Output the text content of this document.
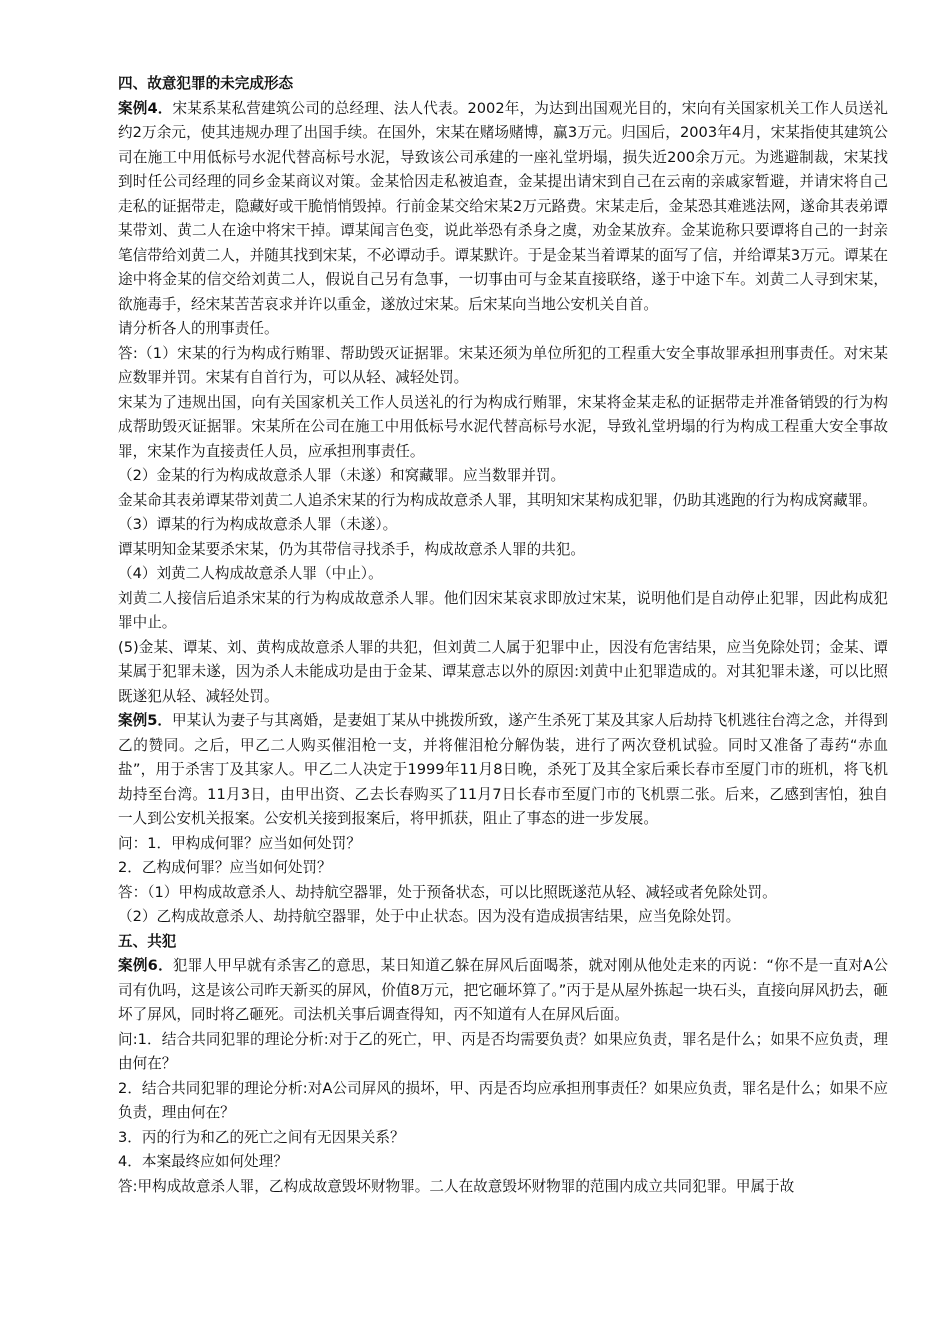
四、故意犯罪的未完成形态

案例4．宋某系某私营建筑公司的总经理、法人代表。2002年，为达到出国观光目的，宋向有关国家机关工作人员送礼约2万余元，使其违规办理了出国手续。在国外，宋某在赌场赌博，赢3万元。归国后，2003年4月，宋某指使其建筑公司在施工中用低标号水泥代替高标号水泥，导致该公司承建的一座礼堂坍塌，损失近200余万元。为逃避制裁，宋某找到时任公司经理的同乡金某商议对策。金某恰因走私被追查，金某提出请宋到自己在云南的亲戚家暂避，并请宋将自己走私的证据带走，隐藏好或干脆悄悄毁掉。行前金某交给宋某2万元路费。宋某走后，金某恐其难逃法网，遂命其表弟谭某带刘、黄二人在途中将宋干掉。谭某闻言色变，说此举恐有杀身之虞，劝金某放弃。金某诡称只要谭将自己的一封亲笔信带给刘黄二人，并随其找到宋某，不必谭动手。谭某默许。于是金某当着谭某的面写了信，并给谭某3万元。谭某在途中将金某的信交给刘黄二人，假说自己另有急事，一切事由可与金某直接联络，遂于中途下车。刘黄二人寻到宋某，欲施毒手，经宋某苦苦哀求并许以重金，遂放过宋某。后宋某向当地公安机关自首。

请分析各人的刑事责任。

答:（1）宋某的行为构成行贿罪、帮助毁灭证据罪。宋某还须为单位所犯的工程重大安全事故罪承担刑事责任。对宋某应数罪并罚。宋某有自首行为，可以从轻、减轻处罚。

宋某为了违规出国，向有关国家机关工作人员送礼的行为构成行贿罪，宋某将金某走私的证据带走并准备销毁的行为构成帮助毁灭证据罪。宋某所在公司在施工中用低标号水泥代替高标号水泥，导致礼堂坍塌的行为构成工程重大安全事故罪，宋某作为直接责任人员，应承担刑事责任。

（2）金某的行为构成故意杀人罪（未遂）和窝藏罪。应当数罪并罚。

金某命其表弟谭某带刘黄二人追杀宋某的行为构成故意杀人罪，其明知宋某构成犯罪，仍助其逃跑的行为构成窝藏罪。

（3）谭某的行为构成故意杀人罪（未遂）。

谭某明知金某要杀宋某，仍为其带信寻找杀手，构成故意杀人罪的共犯。

（4）刘黄二人构成故意杀人罪（中止）。

刘黄二人接信后追杀宋某的行为构成故意杀人罪。他们因宋某哀求即放过宋某，说明他们是自动停止犯罪，因此构成犯罪中止。

(5)金某、谭某、刘、黄构成故意杀人罪的共犯，但刘黄二人属于犯罪中止，因没有危害结果，应当免除处罚；金某、谭某属于犯罪未遂，因为杀人未能成功是由于金某、谭某意志以外的原因:刘黄中止犯罪造成的。对其犯罪未遂，可以比照既遂犯从轻、减轻处罚。

案例5．甲某认为妻子与其离婚，是妻姐丁某从中挑拨所致，遂产生杀死丁某及其家人后劫持飞机逃往台湾之念，并得到乙的赞同。之后，甲乙二人购买催泪枪一支，并将催泪枪分解伪装，进行了两次登机试验。同时又准备了毒药“赤血盐”，用于杀害丁及其家人。甲乙二人决定于1999年11月8日晚，杀死丁及其全家后乘长春市至厦门市的班机，将飞机劫持至台湾。11月3日，由甲出资、乙去长春购买了11月7日长春市至厦门市的飞机票二张。后来，乙感到害怕，独自一人到公安机关报案。公安机关接到报案后，将甲抓获，阻止了事态的进一步发展。

问：1．甲构成何罪？应当如何处罚？

2．乙构成何罪？应当如何处罚？

答：（1）甲构成故意杀人、劫持航空器罪，处于预备状态，可以比照既遂范从轻、减轻或者免除处罚。

（2）乙构成故意杀人、劫持航空器罪，处于中止状态。因为没有造成损害结果，应当免除处罚。

五、共犯

案例6．犯罪人甲早就有杀害乙的意思，某日知道乙躲在屏风后面喝茶，就对刚从他处走来的丙说：“你不是一直对A公司有仇吗，这是该公司昨天新买的屏风，价值8万元，把它砸坏算了。”丙于是从屋外拣起一块石头，直接向屏风扔去，砸坏了屏风，同时将乙砸死。司法机关事后调查得知，丙不知道有人在屏风后面。

问:1．结合共同犯罪的理论分析:对于乙的死亡，甲、丙是否均需要负责？如果应负责，罪名是什么；如果不应负责，理由何在？

2．结合共同犯罪的理论分析:对A公司屏风的损坏，甲、丙是否均应承担刑事责任？如果应负责，罪名是什么；如果不应负责，理由何在？

3．丙的行为和乙的死亡之间有无因果关系？

4．本案最终应如何处理？

答:甲构成故意杀人罪，乙构成故意毁坏财物罪。二人在故意毁坏财物罪的范围内成立共同犯罪。甲属于故
